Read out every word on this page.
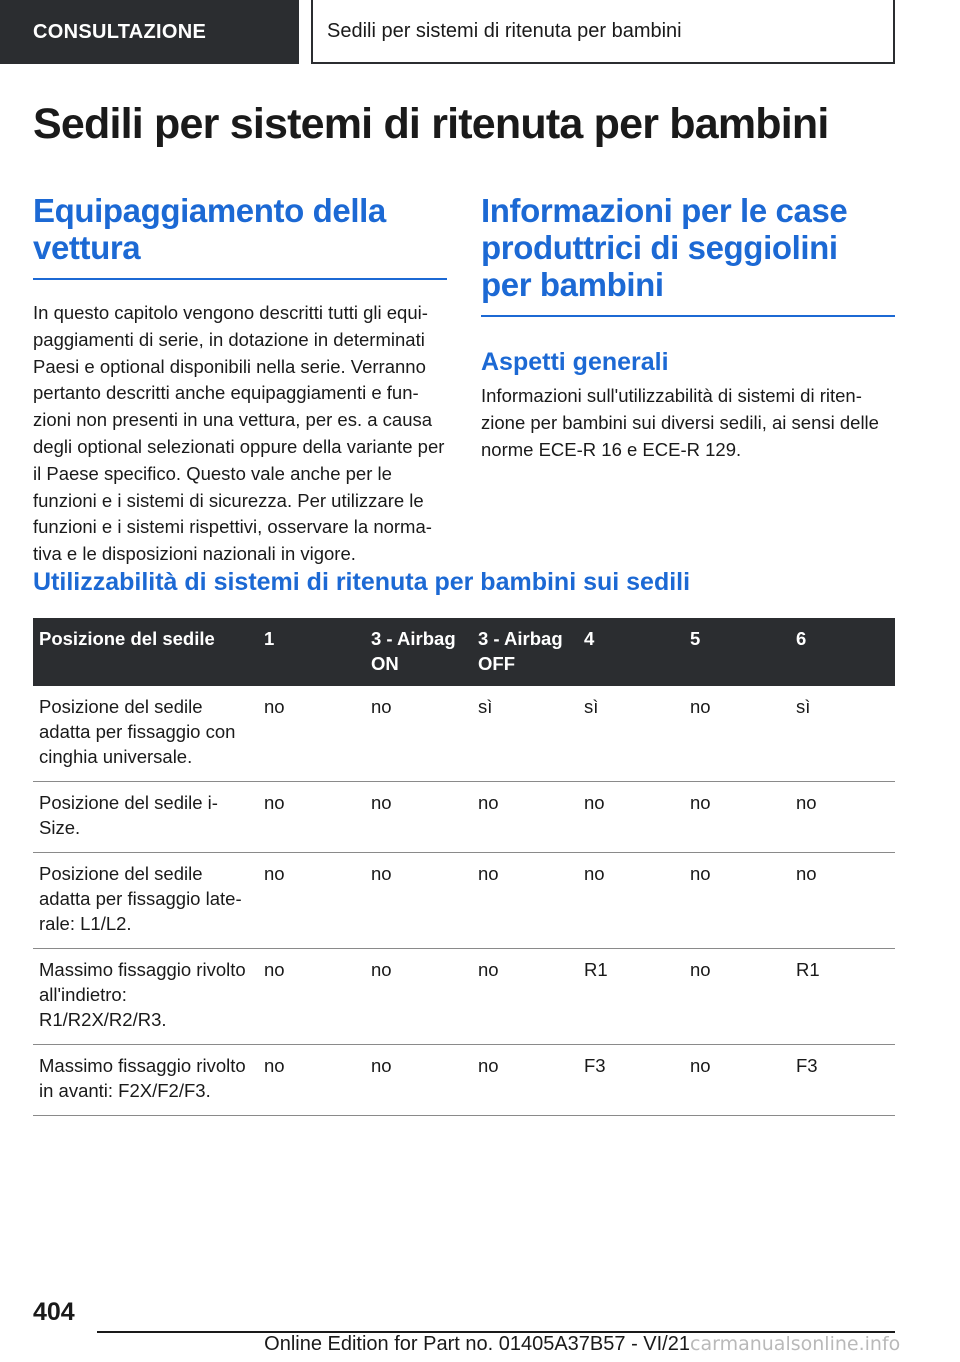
CONSULTAZIONE	Sedili per sistemi di ritenuta per bambini
Sedili per sistemi di ritenuta per bambini
Equipaggiamento della vettura

In questo capitolo vengono descritti tutti gli equipaggiamenti di serie, in dotazione in determinati Paesi e optional disponibili nella serie. Verranno pertanto descritti anche equipaggiamenti e funzioni non presenti in una vettura, per es. a causa degli optional selezionati oppure della variante per il Paese specifico. Questo vale anche per le funzioni e i sistemi di sicurezza. Per utilizzare le funzioni e i sistemi rispettivi, osservare la normativa e le disposizioni nazionali in vigore.

Informazioni per le case produttrici di seggiolini per bambini
Aspetti generali

Informazioni sull'utilizzabilità di sistemi di ritenzione per bambini sui diversi sedili, ai sensi delle norme ECE-R 16 e ECE-R 129.

Utilizzabilità di sistemi di ritenuta per bambini sui sedili
Posizione del sedile	1	3 - Airbag ON	3 - Airbag OFF	4	5	6
Posizione del sedile adatta per fissaggio con cinghia universale.	no	no	sì	sì	no	sì
Posizione del sedile i-Size.	no	no	no	no	no	no
Posizione del sedile adatta per fissaggio laterale: L1/L2.	no	no	no	no	no	no
Massimo fissaggio rivolto all'indietro: R1/R2X/R2/R3.	no	no	no	R1	no	R1
Massimo fissaggio rivolto in avanti: F2X/F2/F3.	no	no	no	F3	no	F3
404
Online Edition for Part no. 01405A37B57 - VI/21 carmanualsonline.info
